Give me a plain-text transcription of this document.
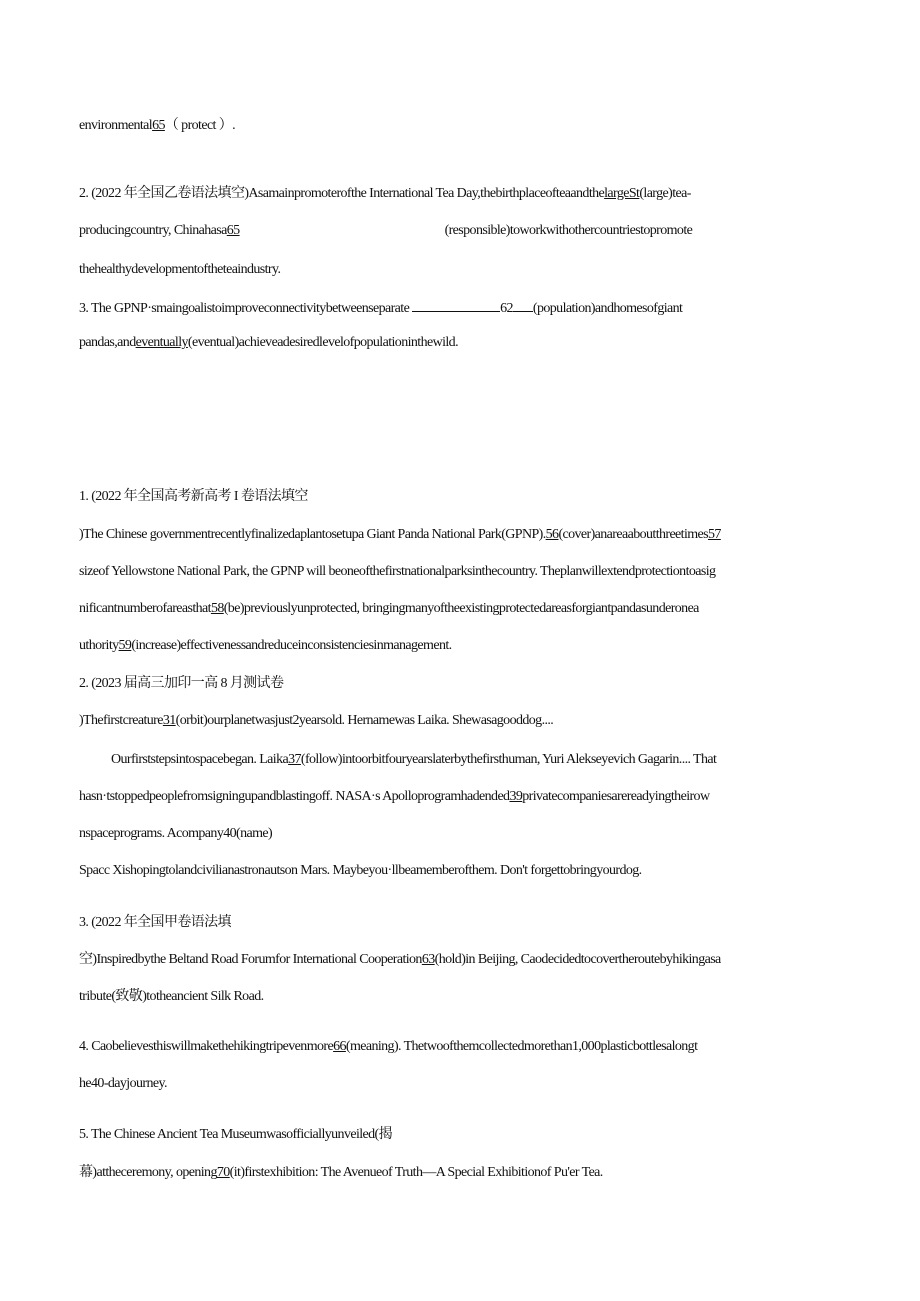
environmental65（ protect ）.
2. (2022 年全国乙卷语法填空)Asamainpromoterofthe International Tea Day,thebirthplaceofteaandthelargeSt(large)tea-
producingcountry, Chinahasa65	(responsible)toworkwithothercountriestopromote
thehealthydevelopmentoftheteaindustry.
3. The GPNP·smaingoalistoimproveconnectivitybetweenseparate	62 (population)andhomesofgiant
pandas,andeventually(eventual)achieveadesiredlevelofpopulationinthewild.
1. (2022 年全国高考新高考 I 卷语法填空
)The Chinese governmentrecentlyfinalizedaplantosetupa Giant Panda National Park(GPNP).56(cover)anareaaboutthreetimes57
sizeof Yellowstone National Park, the GPNP will beoneofthefirstnationalparksinthecountry. Theplanwillextendprotectiontoasig
nificantnumberofareasthat58(be)previouslyunprotected, bringingmanyoftheexistingprotectedareasforgiantpandasunderonea
uthority59(increase)effectivenessandreduceinconsistenciesinmanagement.
2. (2023 届高三加印一高 8 月测试卷
)Thefirstcreature31(orbit)ourplanetwasjust2yearsold. Hernamewas Laika. Shewasagooddog....
Ourfirststepsintospacebegan. Laika37(follow)intoorbitfouryearslaterbythefirsthuman, Yuri Alekseyevich Gagarin.... That
hasn·tstoppedpeoplefromsigningupandblastingoff. NASA·s Apolloprogramhadended39privatecompaniesarereadyingtheirow
nspaceprograms. Acompany40(name)
Spacc Xishopingtolandcivilianastronautson Mars. Maybeyou·llbeamemberofthem. Don't forgettobringyourdog.
3. (2022 年全国甲卷语法填
空)Inspiredbythe Beltand Road Forumfor International Cooperation63(hold)in Beijing, Caodecidedtocovertheroutebyhikingasa
tribute(致敬)totheancient Silk Road.
4. Caobelievesthiswillmakethehikingtripevenmore66(meaning). Thetwoofthemcollectedmorethan1,000plasticbottlesalongt
he40-dayjourney.
5. The Chinese Ancient Tea Museumwasofficiallyunveiled(揭
幕)attheceremony, opening70(it)firstexhibition: The Avenueof Truth—A Special Exhibitionof Pu'er Tea.
